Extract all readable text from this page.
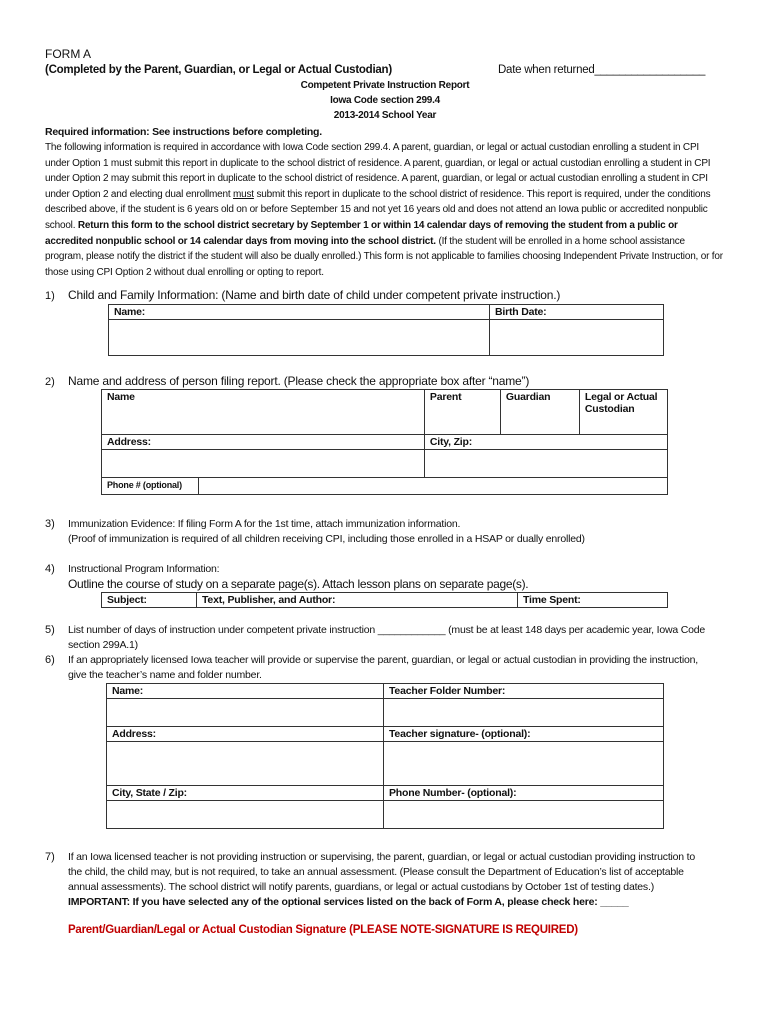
FORM A
(Completed by the Parent, Guardian, or Legal or Actual Custodian)	Date when returned__________________
Competent Private Instruction Report
Iowa Code section 299.4
2013-2014 School Year
Required information: See instructions before completing.
The following information is required in accordance with Iowa Code section 299.4. A parent, guardian, or legal or actual custodian enrolling a student in CPI under Option 1 must submit this report in duplicate to the school district of residence. A parent, guardian, or legal or actual custodian enrolling a student in CPI under Option 2 may submit this report in duplicate to the school district of residence. A parent, guardian, or legal or actual custodian enrolling a student in CPI under Option 2 and electing dual enrollment must submit this report in duplicate to the school district of residence. This report is required, under the conditions described above, if the student is 6 years old on or before September 15 and not yet 16 years old and does not attend an Iowa public or accredited nonpublic school. Return this form to the school district secretary by September 1 or within 14 calendar days of removing the student from a public or accredited nonpublic school or 14 calendar days from moving into the school district. (If the student will be enrolled in a home school assistance program, please notify the district if the student will also be dually enrolled.) This form is not applicable to families choosing Independent Private Instruction, or for those using CPI Option 2 without dual enrolling or opting to report.
1) Child and Family Information: (Name and birth date of child under competent private instruction.)
Name:	Birth Date:

2) Name and address of person filing report. (Please check the appropriate box after “name”)
Name		Parent	Guardian	Legal or Actual
Custodian
Address:		City, Zip:		

Phone # (optional)				
3) Immunization Evidence: If filing Form A for the 1st time, attach immunization information.
(Proof of immunization is required of all children receiving CPI, including those enrolled in a HSAP or dually enrolled)
4) Instructional Program Information:
Outline the course of study on a separate page(s). Attach lesson plans on separate page(s).
Subject:	Text, Publisher, and Author:	Time Spent:
5) List number of days of instruction under competent private instruction ____________ (must be at least 148 days per academic year, Iowa Code
section 299A.1)
6) If an appropriately licensed Iowa teacher will provide or supervise the parent, guardian, or legal or actual custodian in providing the instruction,
give the teacher’s name and folder number.
Name:	Teacher Folder Number:

Address:	Teacher signature- (optional):

City, State / Zip:	Phone Number- (optional):

7) If an Iowa licensed teacher is not providing instruction or supervising, the parent, guardian, or legal or actual custodian providing instruction to
the child, the child may, but is not required, to take an annual assessment. (Please consult the Department of Education’s list of acceptable
annual assessments). The school district will notify parents, guardians, or legal or actual custodians by October 1st of testing dates.)
IMPORTANT: If you have selected any of the optional services listed on the back of Form A, please check here: _____
Parent/Guardian/Legal or Actual Custodian Signature (PLEASE NOTE-SIGNATURE IS REQUIRED)
